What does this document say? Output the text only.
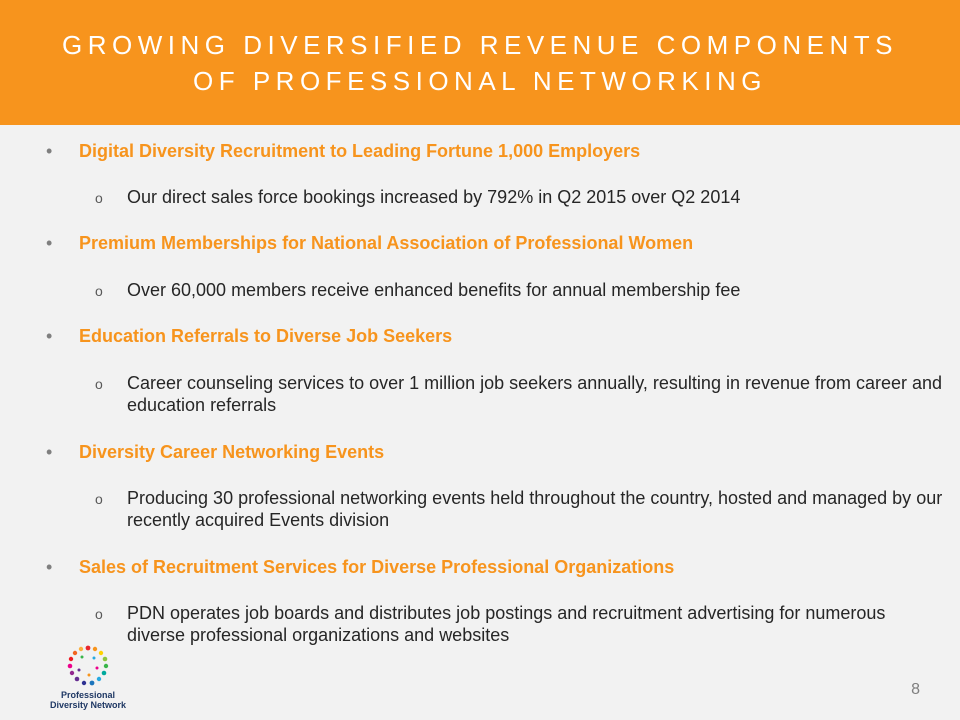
GROWING DIVERSIFIED REVENUE COMPONENTS
OF PROFESSIONAL NETWORKING
• Digital Diversity Recruitment to Leading Fortune 1,000 Employers
o Our direct sales force bookings increased by 792% in Q2 2015 over Q2 2014
• Premium Memberships for National Association of Professional Women
o Over 60,000 members receive enhanced benefits for annual membership fee
• Education Referrals to Diverse Job Seekers
o Career counseling services to over 1 million job seekers annually, resulting in revenue from career and education referrals
• Diversity Career Networking Events
o Producing 30 professional networking events held throughout the country, hosted and managed by our recently acquired Events division
• Sales of Recruitment Services for Diverse Professional Organizations
o PDN operates job boards and distributes job postings and recruitment advertising for numerous diverse professional organizations and websites
Professional
Diversity Network
8
